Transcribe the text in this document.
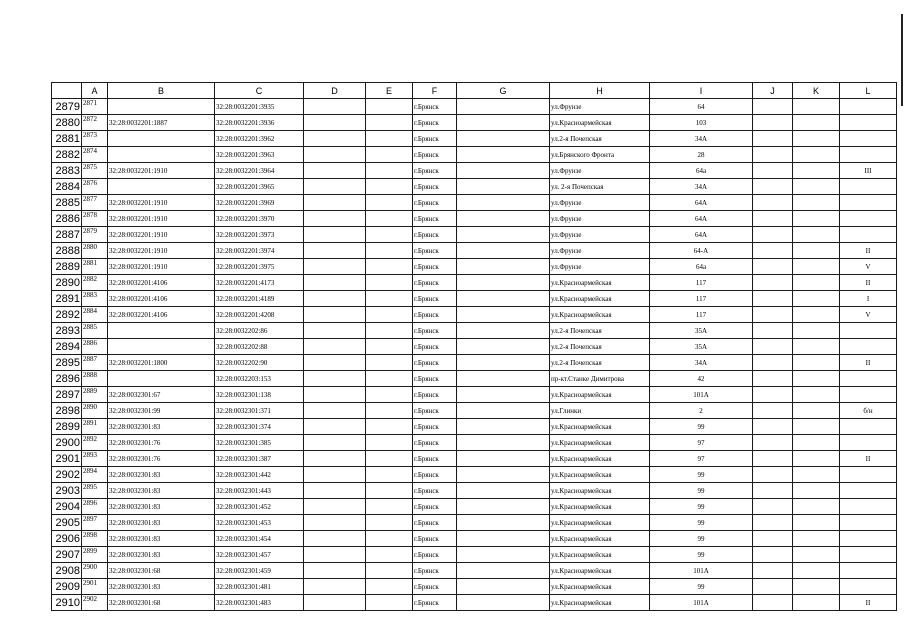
	A	B	C	D	E	F	G	H	I	J	K	L
2879	2871		32:28:0032201:3935			г.Брянск		ул.Фрунзе	64			
2880	2872	32:28:0032201:1887	32:28:0032201:3936			г.Брянск		ул.Красноармейская	103			
2881	2873		32:28:0032201:3962			г.Брянск		ул.2-я Почепская	34А			
2882	2874		32:28:0032201:3963			г.Брянск		ул.Брянского Фронта	28			
2883	2875	32:28:0032201:1910	32:28:0032201:3964			г.Брянск		ул.Фрунзе	64а			III
2884	2876		32:28:0032201:3965			г.Брянск		ул. 2-я Почепская	34А			
2885	2877	32:28:0032201:1910	32:28:0032201:3969			г.Брянск		ул.Фрунзе	64А			
2886	2878	32:28:0032201:1910	32:28:0032201:3970			г.Брянск		ул.Фрунзе	64А			
2887	2879	32:28:0032201:1910	32:28:0032201:3973			г.Брянск		ул.Фрунзе	64А			
2888	2880	32:28:0032201:1910	32:28:0032201:3974			г.Брянск		ул.Фрунзе	64-А			II
2889	2881	32:28:0032201:1910	32:28:0032201:3975			г.Брянск		ул.Фрунзе	64а			V
2890	2882	32:28:0032201:4106	32:28:0032201:4173			г.Брянск		ул.Красноармейская	117			II
2891	2883	32:28:0032201:4106	32:28:0032201:4189			г.Брянск		ул.Красноармейская	117			I
2892	2884	32:28:0032201:4106	32:28:0032201:4208			г.Брянск		ул.Красноармейская	117			V
2893	2885		32:28:0032202:86			г.Брянск		ул.2-я Почепская	35А			
2894	2886		32:28:0032202:88			г.Брянск		ул.2-я Почепская	35А			
2895	2887	32:28:0032201:1800	32:28:0032202:90			г.Брянск		ул.2-я Почепская	34А			II
2896	2888		32:28:0032203:153			г.Брянск		пр-кт.Станке Димитрова	42			
2897	2889	32:28:0032301:67	32:28:0032301:138			г.Брянск		ул.Красноармейская	101А			
2898	2890	32:28:0032301:99	32:28:0032301:371			г.Брянск		ул.Глинки	2			б/н
2899	2891	32:28:0032301:83	32:28:0032301:374			г.Брянск		ул.Красноармейская	99			
2900	2892	32:28:0032301:76	32:28:0032301:385			г.Брянск		ул.Красноармейская	97			
2901	2893	32:28:0032301:76	32:28:0032301:387			г.Брянск		ул.Красноармейская	97			II
2902	2894	32:28:0032301:83	32:28:0032301:442			г.Брянск		ул.Красноармейская	99			
2903	2895	32:28:0032301:83	32:28:0032301:443			г.Брянск		ул.Красноармейская	99			
2904	2896	32:28:0032301:83	32:28:0032301:452			г.Брянск		ул.Красноармейская	99			
2905	2897	32:28:0032301:83	32:28:0032301:453			г.Брянск		ул.Красноармейская	99			
2906	2898	32:28:0032301:83	32:28:0032301:454			г.Брянск		ул.Красноармейская	99			
2907	2899	32:28:0032301:83	32:28:0032301:457			г.Брянск		ул.Красноармейская	99			
2908	2900	32:28:0032301:68	32:28:0032301:459			г.Брянск		ул.Красноармейская	101А			
2909	2901	32:28:0032301:83	32:28:0032301:481			г.Брянск		ул.Красноармейская	99			
2910	2902	32:28:0032301:68	32:28:0032301:483			г.Брянск		ул.Красноармейская	101А			II
